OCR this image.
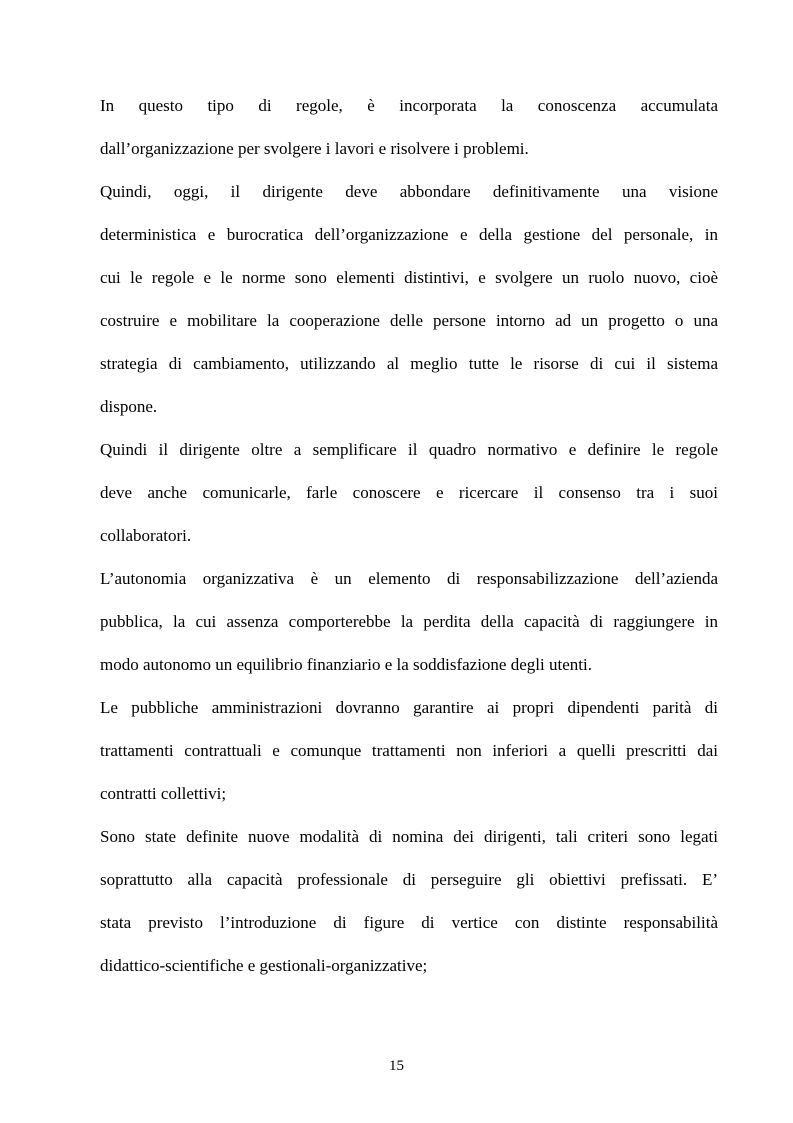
In questo tipo di regole, è incorporata la conoscenza accumulata
dall’organizzazione per svolgere i lavori e risolvere i problemi.
Quindi, oggi, il dirigente deve abbondare definitivamente una visione
deterministica e burocratica dell’organizzazione e della gestione del personale, in
cui le regole e le norme sono elementi distintivi, e svolgere un ruolo nuovo, cioè
costruire e mobilitare la cooperazione delle persone intorno ad un progetto o una
strategia di cambiamento, utilizzando al meglio tutte le risorse di cui il sistema
dispone.
Quindi il dirigente oltre a semplificare il quadro normativo e definire le regole
deve anche comunicarle, farle conoscere e ricercare il consenso tra i suoi
collaboratori.
L’autonomia organizzativa è un elemento di responsabilizzazione dell’azienda
pubblica, la cui assenza comporterebbe la perdita della capacità di raggiungere in
modo autonomo un equilibrio finanziario e la soddisfazione degli utenti.
Le pubbliche amministrazioni dovranno garantire ai propri dipendenti parità di
trattamenti contrattuali e comunque trattamenti non inferiori a quelli prescritti dai
contratti collettivi;
Sono state definite nuove modalità di nomina dei dirigenti, tali criteri sono legati
soprattutto alla capacità professionale di perseguire gli obiettivi prefissati. E’
stata previsto l’introduzione di figure di vertice con distinte responsabilità
didattico-scientifiche e gestionali-organizzative;
15
